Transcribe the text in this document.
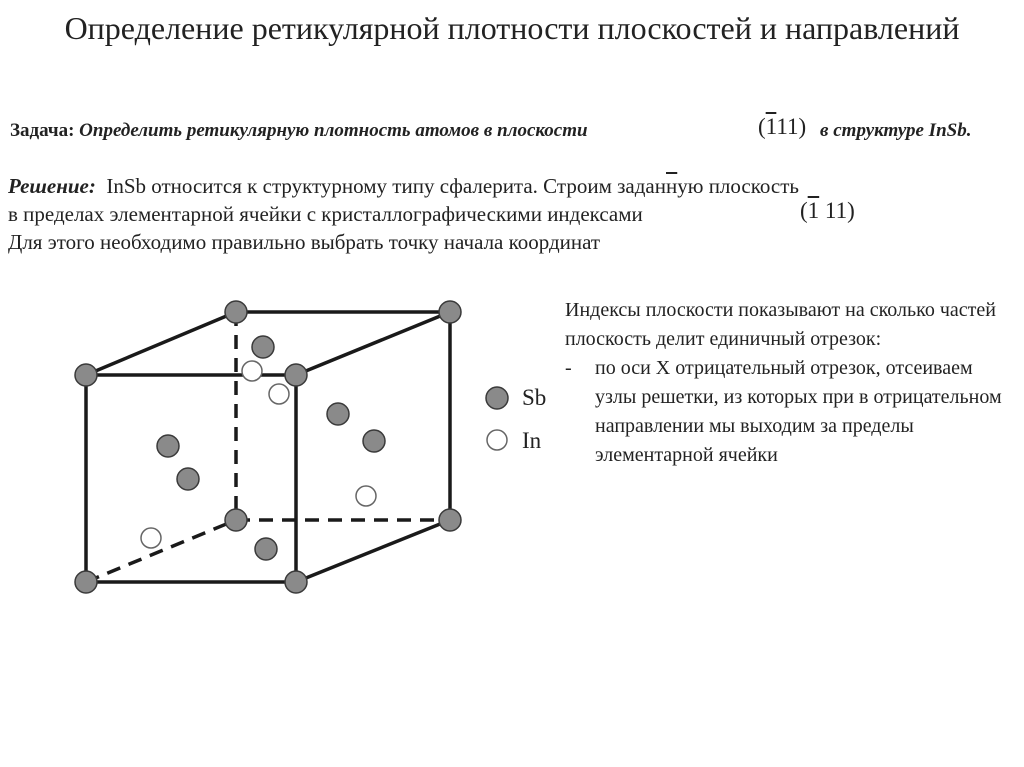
Определение ретикулярной плотности плоскостей и направлений
Задача: Определить ретикулярную плотность атомов в плоскости	(111) в структуре InSb.
Решение: InSb относится к структурному типу сфалерита. Строим заданную плоскость
в пределах элементарной ячейки с кристаллографическими индексами
Для этого необходимо правильно выбрать точку начала координат
(1 11)
Sb
In
Индексы плоскости показывают на сколько частей плоскость делит единичный отрезок:
-	по оси X отрицательный отрезок, отсеиваем узлы решетки, из которых при в отрицательном направлении мы выходим за пределы элементарной ячейки
